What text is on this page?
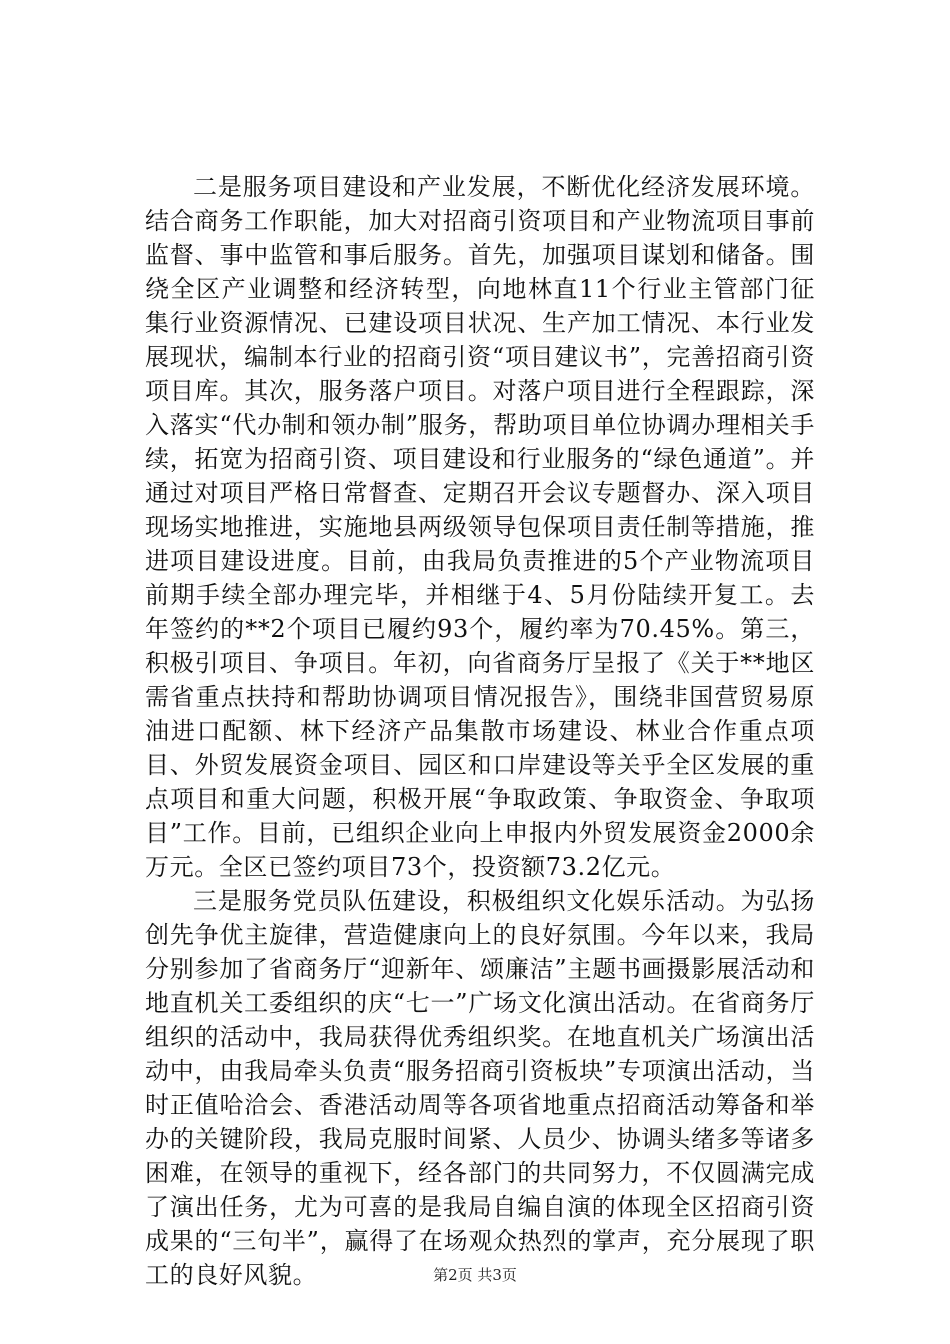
二是服务项目建设和产业发展，不断优化经济发展环境。结合商务工作职能，加大对招商引资项目和产业物流项目事前监督、事中监管和事后服务。首先，加强项目谋划和储备。围绕全区产业调整和经济转型，向地林直11个行业主管部门征集行业资源情况、已建设项目状况、生产加工情况、本行业发展现状，编制本行业的招商引资“项目建议书”，完善招商引资项目库。其次，服务落户项目。对落户项目进行全程跟踪，深入落实“代办制和领办制”服务，帮助项目单位协调办理相关手续，拓宽为招商引资、项目建设和行业服务的“绿色通道”。并通过对项目严格日常督查、定期召开会议专题督办、深入项目现场实地推进，实施地县两级领导包保项目责任制等措施，推进项目建设进度。目前，由我局负责推进的5个产业物流项目前期手续全部办理完毕，并相继于4、5月份陆续开复工。去年签约的**2个项目已履约93个，履约率为70.45%。第三，积极引项目、争项目。年初，向省商务厅呈报了《关于**地区需省重点扶持和帮助协调项目情况报告》，围绕非国营贸易原油进口配额、林下经济产品集散市场建设、林业合作重点项目、外贸发展资金项目、园区和口岸建设等关乎全区发展的重点项目和重大问题，积极开展“争取政策、争取资金、争取项目”工作。目前，已组织企业向上申报内外贸发展资金2000余万元。全区已签约项目73个，投资额73.2亿元。

三是服务党员队伍建设，积极组织文化娱乐活动。为弘扬创先争优主旋律，营造健康向上的良好氛围。今年以来，我局分别参加了省商务厅“迎新年、颂廉洁”主题书画摄影展活动和地直机关工委组织的庆“七一”广场文化演出活动。在省商务厅组织的活动中，我局获得优秀组织奖。在地直机关广场演出活动中，由我局牵头负责“服务招商引资板块”专项演出活动，当时正值哈洽会、香港活动周等各项省地重点招商活动筹备和举办的关键阶段，我局克服时间紧、人员少、协调头绪多等诸多困难，在领导的重视下，经各部门的共同努力，不仅圆满完成了演出任务，尤为可喜的是我局自编自演的体现全区招商引资成果的“三句半”，赢得了在场观众热烈的掌声，充分展现了职工的良好风貌。	第2页 共3页
